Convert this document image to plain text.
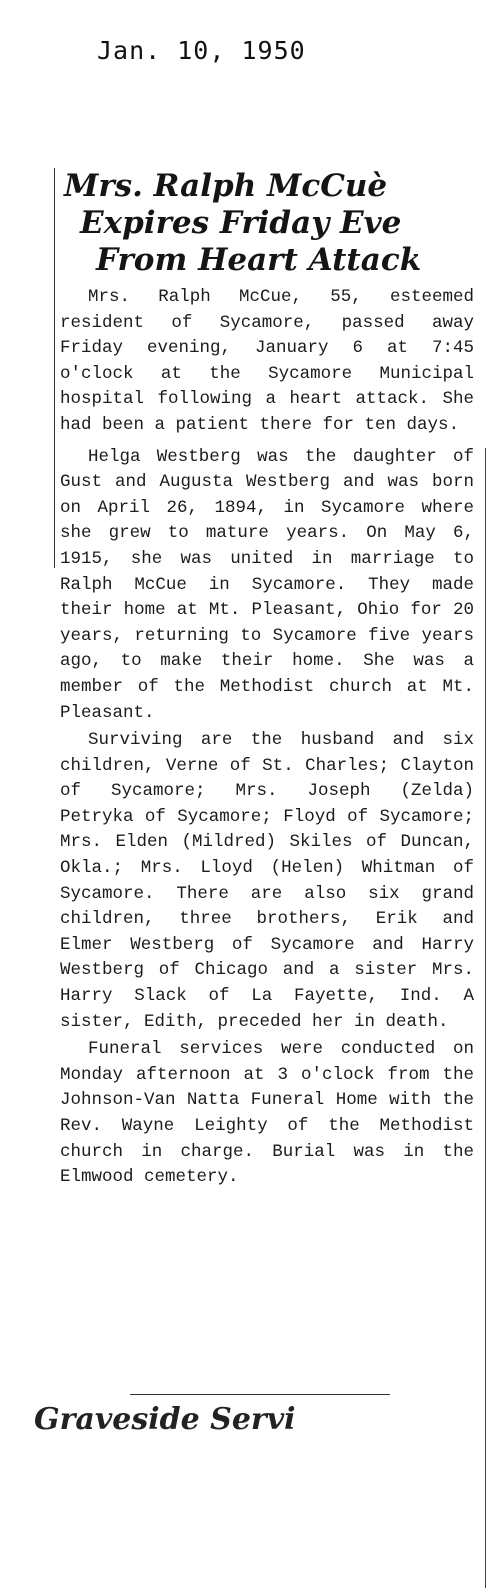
Jan. 10, 1950
Mrs. Ralph McCuè
Expires Friday Eve
From Heart Attack

Mrs. Ralph McCue, 55, esteemed resident of Sycamore, passed away Friday evening, January 6 at 7:45 o'clock at the Sycamore Municipal hospital following a heart attack. She had been a patient there for ten days.

Helga Westberg was the daughter of Gust and Augusta Westberg and was born on April 26, 1894, in Sycamore where she grew to mature years. On May 6, 1915, she was united in marriage to Ralph McCue in Sycamore. They made their home at Mt. Pleasant, Ohio for 20 years, returning to Sycamore five years ago, to make their home. She was a member of the Methodist church at Mt. Pleasant.

Surviving are the husband and six children, Verne of St. Charles; Clayton of Sycamore; Mrs. Joseph (Zelda) Petryka of Sycamore; Floyd of Sycamore; Mrs. Elden (Mildred) Skiles of Duncan, Okla.; Mrs. Lloyd (Helen) Whitman of Sycamore. There are also six grand children, three brothers, Erik and Elmer Westberg of Sycamore and Harry Westberg of Chicago and a sister Mrs. Harry Slack of La Fayette, Ind. A sister, Edith, preceded her in death.

Funeral services were conducted on Monday afternoon at 3 o'clock from the Johnson-Van Natta Funeral Home with the Rev. Wayne Leighty of the Methodist church in charge. Burial was in the Elmwood cemetery.

Graveside Servi
